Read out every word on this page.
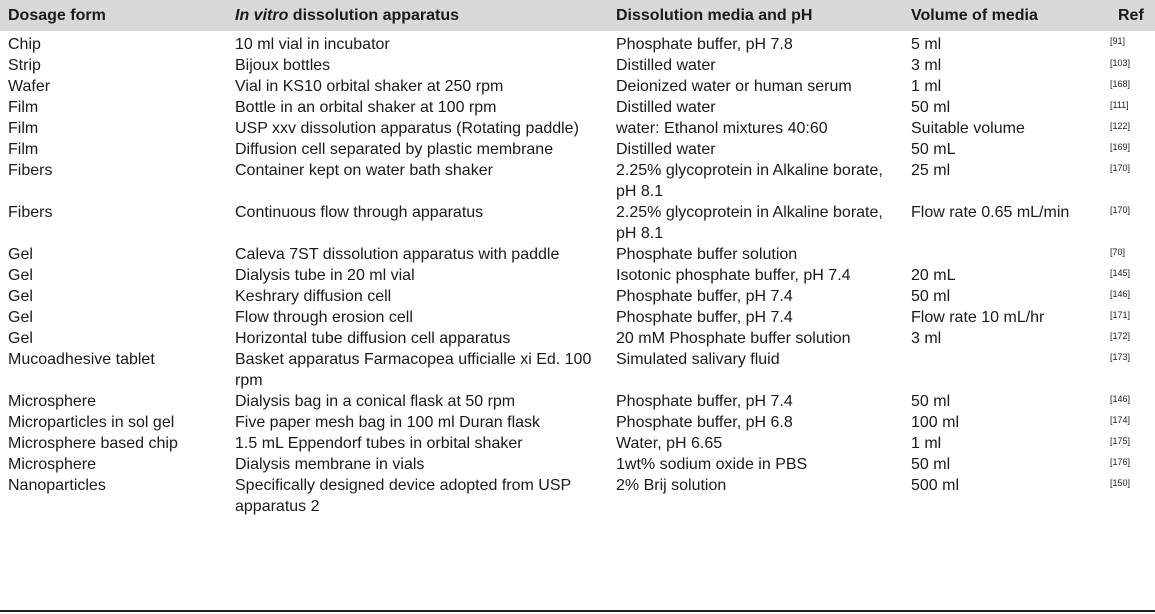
Dosage form	In vitro dissolution apparatus	Dissolution media and pH	Volume of media	Ref
Chip	10 ml vial in incubator	Phosphate buffer, pH 7.8	5 ml	[91]
Strip	Bijoux bottles	Distilled water	3 ml	[103]
Wafer	Vial in KS10 orbital shaker at 250 rpm	Deionized water or human serum	1 ml	[168]
Film	Bottle in an orbital shaker at 100 rpm	Distilled water	50 ml	[111]
Film	USP xxv dissolution apparatus (Rotating paddle)	water: Ethanol mixtures 40:60	Suitable volume	[122]
Film	Diffusion cell separated by plastic membrane	Distilled water	50 mL	[169]
Fibers	Container kept on water bath shaker	2.25% glycoprotein in Alkaline borate, pH 8.1	25 ml	[170]
Fibers	Continuous flow through apparatus	2.25% glycoprotein in Alkaline borate, pH 8.1	Flow rate 0.65 mL/min	[170]
Gel	Caleva 7ST dissolution apparatus with paddle	Phosphate buffer solution		[70]
Gel	Dialysis tube in 20 ml vial	Isotonic phosphate buffer, pH 7.4	20 mL	[145]
Gel	Keshrary diffusion cell	Phosphate buffer, pH 7.4	50 ml	[146]
Gel	Flow through erosion cell	Phosphate buffer, pH 7.4	Flow rate 10 mL/hr	[171]
Gel	Horizontal tube diffusion cell apparatus	20 mM Phosphate buffer solution	3 ml	[172]
Mucoadhesive tablet	Basket apparatus Farmacopea ufficialle xi Ed. 100 rpm	Simulated salivary fluid		[173]
Microsphere	Dialysis bag in a conical flask at 50 rpm	Phosphate buffer, pH 7.4	50 ml	[146]
Microparticles in sol gel	Five paper mesh bag in 100 ml Duran flask	Phosphate buffer, pH 6.8	100 ml	[174]
Microsphere based chip	1.5 mL Eppendorf tubes in orbital shaker	Water, pH 6.65	1 ml	[175]
Microsphere	Dialysis membrane in vials	1wt% sodium oxide in PBS	50 ml	[176]
Nanoparticles	Specifically designed device adopted from USP apparatus 2	2% Brij solution	500 ml	[150]
